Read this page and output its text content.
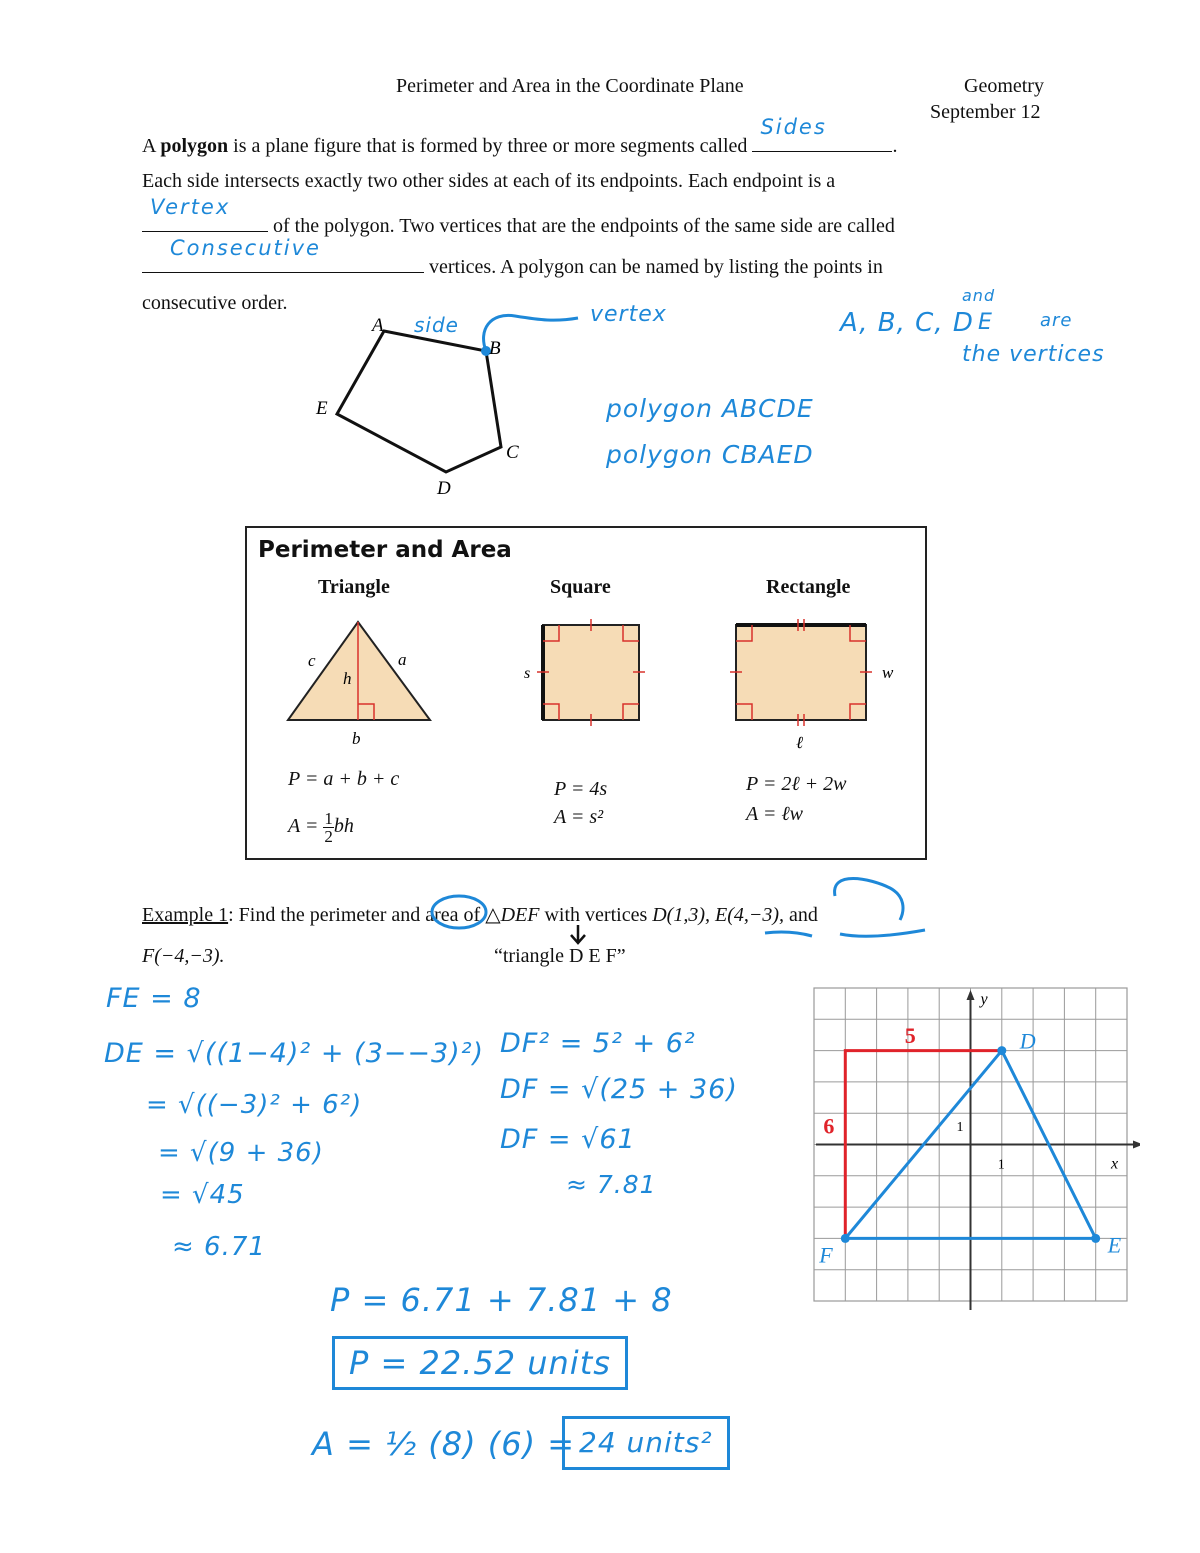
Perimeter and Area in the Coordinate Plane	Geometry
September 12
A polygon is a plane figure that is formed by three or more segments called
Sides
.
Each side intersects exactly two other sides at each of its endpoints. Each endpoint is a
Vertex
of the polygon. Two vertices that are the endpoints of the same side are called
Consecutive
vertices. A polygon can be named by listing the points in
consecutive order.
A
B
C
D
E
side	vertex	A, B, C, D
and
E	are
the vertices
polygon ABCDE
polygon CBAED
Perimeter and Area
Triangle	Square	Rectangle
c	a
h
b
s	w
ℓ
P = a + b + c
$A = \frac{1}{2}$ bh
P = 4s
A = s²
P = 2ℓ + 2w
A = ℓw
Example 1: Find the perimeter and area of △DEF with vertices D(1,3), E(4,−3), and
F(−4,−3).	“triangle D E F”
FE = 8
DE = √((1−4)² + (3−−3)²)
= √((−3)² + 6²)
= √(9 + 36)
= √45
≈ 6.71
DF² = 5² + 6²
DF = √(25 + 36)
DF = √61
≈ 7.81
P = 6.71 + 7.81 + 8
P = 22.52 units
A = ½ (8) (6) = 24 units²
y
x
1
1
5
6
D
E
F
